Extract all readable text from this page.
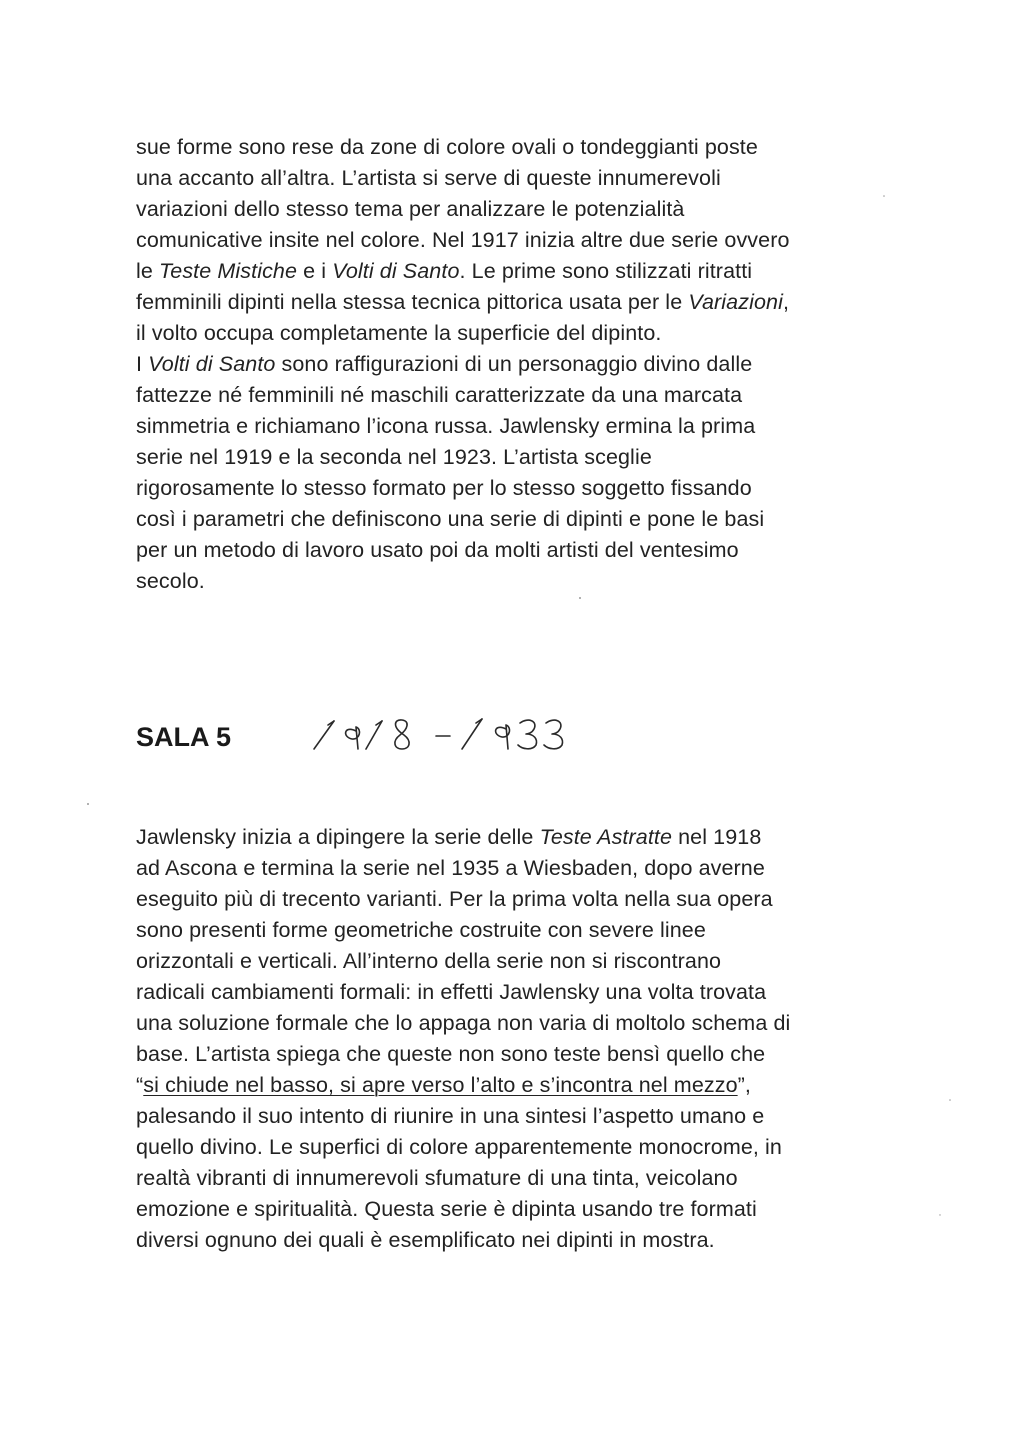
sue forme sono rese da zone di colore ovali o tondeggianti poste
una accanto all’altra. L’artista si serve di queste innumerevoli
variazioni dello stesso tema per analizzare le potenzialità
comunicative insite nel colore. Nel 1917 inizia altre due serie ovvero
le Teste Mistiche e i Volti di Santo. Le prime sono stilizzati ritratti
femminili dipinti nella stessa tecnica pittorica usata per le Variazioni,
il volto occupa completamente la superficie del dipinto.
I Volti di Santo sono raffigurazioni di un personaggio divino dalle
fattezze né femminili né maschili caratterizzate da una marcata
simmetria e richiamano l’icona russa. Jawlensky ermina la prima
serie nel 1919 e la seconda nel 1923. L’artista sceglie
rigorosamente lo stesso formato per lo stesso soggetto fissando
così i parametri che definiscono una serie di dipinti e pone le basi
per un metodo di lavoro usato poi da molti artisti del ventesimo
secolo.
SALA 5
Jawlensky inizia a dipingere la serie delle Teste Astratte nel 1918
ad Ascona e termina la serie nel 1935 a Wiesbaden, dopo averne
eseguito più di trecento varianti. Per la prima volta nella sua opera
sono presenti forme geometriche costruite con severe linee
orizzontali e verticali. All’interno della serie non si riscontrano
radicali cambiamenti formali: in effetti Jawlensky una volta trovata
una soluzione formale che lo appaga non varia di moltolo schema di
base. L’artista spiega che queste non sono teste bensì quello che
“si chiude nel basso, si apre verso l’alto e s’incontra nel mezzo”,
palesando il suo intento di riunire in una sintesi l’aspetto umano e
quello divino. Le superfici di colore apparentemente monocrome, in
realtà vibranti di innumerevoli sfumature di una tinta, veicolano
emozione e spiritualità. Questa serie è dipinta usando tre formati
diversi ognuno dei quali è esemplificato nei dipinti in mostra.
